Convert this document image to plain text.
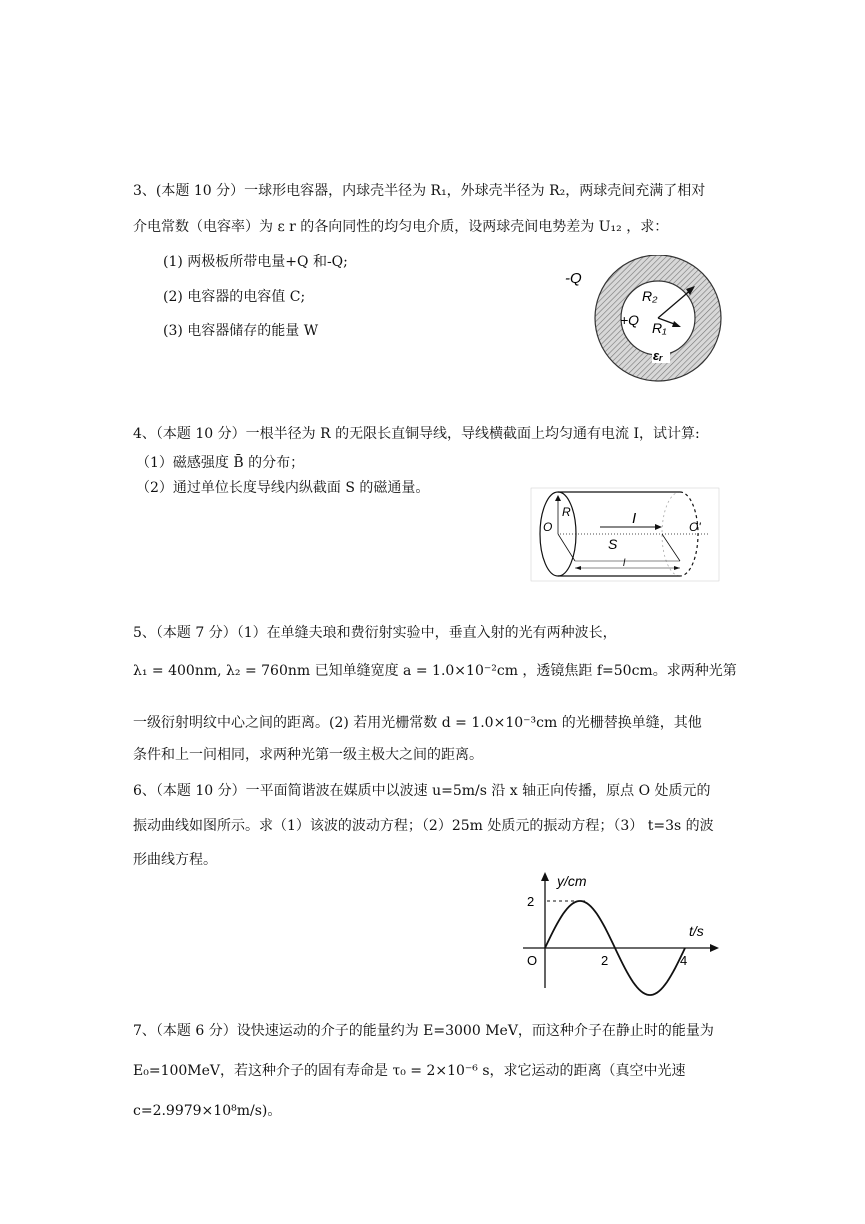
3、(本题 10 分）一球形电容器，内球壳半径为 R₁，外球壳半径为 R₂，两球壳间充满了相对
介电常数（电容率）为 ε r 的各向同性的均匀电介质，设两球壳间电势差为 U₁₂ ，求：
(1) 两极板所带电量+Q 和-Q;
(2) 电容器的电容值 C;
(3) 电容器储存的能量 W
-Q
R₂
+Q R₁
εᵣ
4、（本题 10 分）一根半径为 R 的无限长直铜导线，导线横截面上均匀通有电流 I，试计算:
（1）磁感强度 B̄ 的分布；
（2）通过单位长度导线内纵截面 S 的磁通量。
R
O	I
S
O'
l
5、（本题 7 分）（1）在单缝夫琅和费衍射实验中，垂直入射的光有两种波长，
λ₁ = 400nm, λ₂ = 760nm 已知单缝宽度 a = 1.0×10⁻²cm ，透镜焦距 f=50cm。求两种光第
一级衍射明纹中心之间的距离。(2) 若用光栅常数 d = 1.0×10⁻³cm 的光栅替换单缝，其他
条件和上一问相同，求两种光第一级主极大之间的距离。
6、（本题 10 分）一平面简谐波在媒质中以波速 u=5m/s 沿 x 轴正向传播，原点 O 处质元的
振动曲线如图所示。求（1）该波的波动方程；（2）25m 处质元的振动方程；（3） t=3s 的波
形曲线方程。
y/cm
t/s
2
O	2	4
7、（本题 6 分）设快速运动的介子的能量约为 E=3000 MeV，而这种介子在静止时的能量为
E₀=100MeV，若这种介子的固有寿命是 τ₀ = 2×10⁻⁶ s，求它运动的距离（真空中光速
c=2.9979×10⁸m/s)。
